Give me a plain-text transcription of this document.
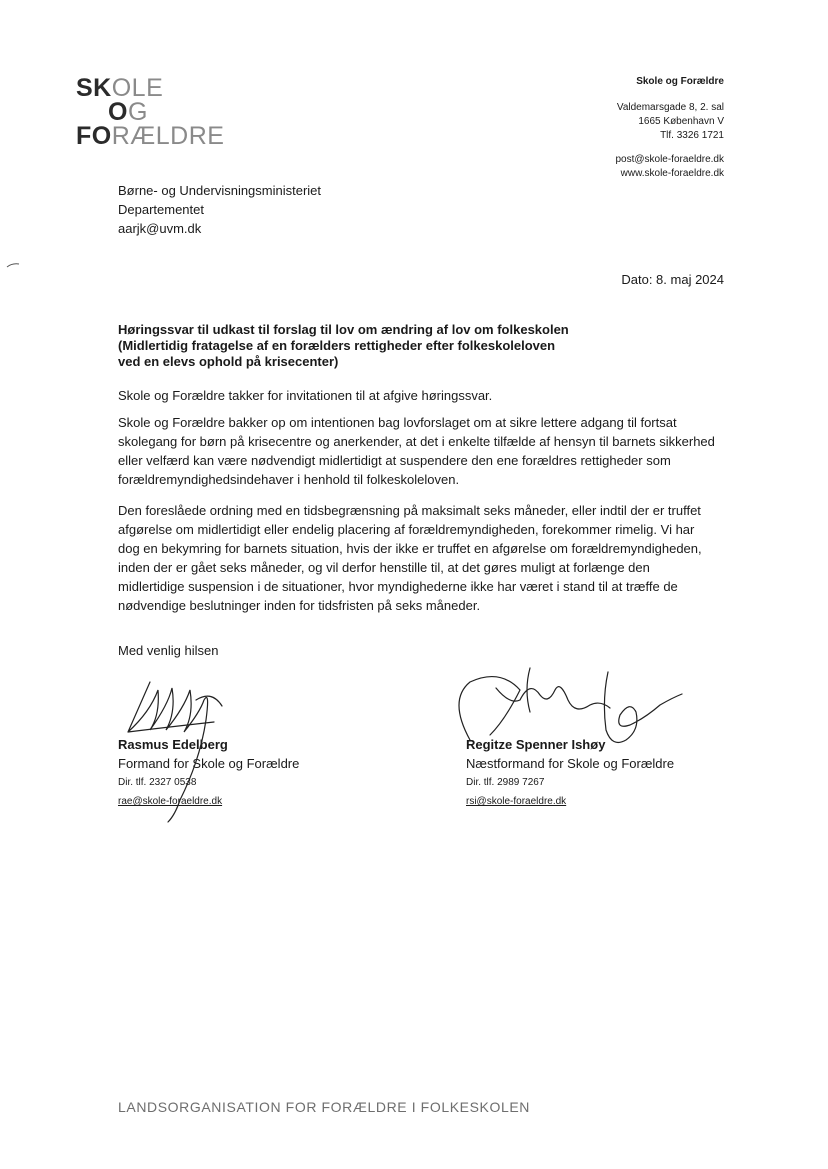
SKOLE
OG
FORÆLDRE
Skole og Forældre
Valdemarsgade 8, 2. sal
1665 København V
Tlf. 3326 1721
post@skole-foraeldre.dk
www.skole-foraeldre.dk
Børne- og Undervisningsministeriet
Departementet
aarjk@uvm.dk
Dato: 8. maj 2024
Høringssvar til udkast til forslag til lov om ændring af lov om folkeskolen
(Midlertidig fratagelse af en forælders rettigheder efter folkeskoleloven
ved en elevs ophold på krisecenter)
Skole og Forældre takker for invitationen til at afgive høringssvar.
Skole og Forældre bakker op om intentionen bag lovforslaget om at sikre lettere adgang til fortsat skolegang for børn på krisecentre og anerkender, at det i enkelte tilfælde af hensyn til barnets sikkerhed eller velfærd kan være nødvendigt midlertidigt at suspendere den ene forældres rettigheder som forældremyndighedsindehaver i henhold til folkeskoleloven.
Den foreslåede ordning med en tidsbegrænsning på maksimalt seks måneder, eller indtil der er truffet afgørelse om midlertidigt eller endelig placering af forældremyndigheden, forekommer rimelig. Vi har dog en bekymring for barnets situation, hvis der ikke er truffet en afgørelse om forældremyndigheden, inden der er gået seks måneder, og vil derfor henstille til, at det gøres muligt at forlænge den midlertidige suspension i de situationer, hvor myndighederne ikke har været i stand til at træffe de nødvendige beslutninger inden for tidsfristen på seks måneder.
Med venlig hilsen
Rasmus Edelberg
Formand for Skole og Forældre
Dir. tlf. 2327 0538
rae@skole-foraeldre.dk
Regitze Spenner Ishøy
Næstformand for Skole og Forældre
Dir. tlf. 2989 7267
rsi@skole-foraeldre.dk
LANDSORGANISATION FOR FORÆLDRE I FOLKESKOLEN
